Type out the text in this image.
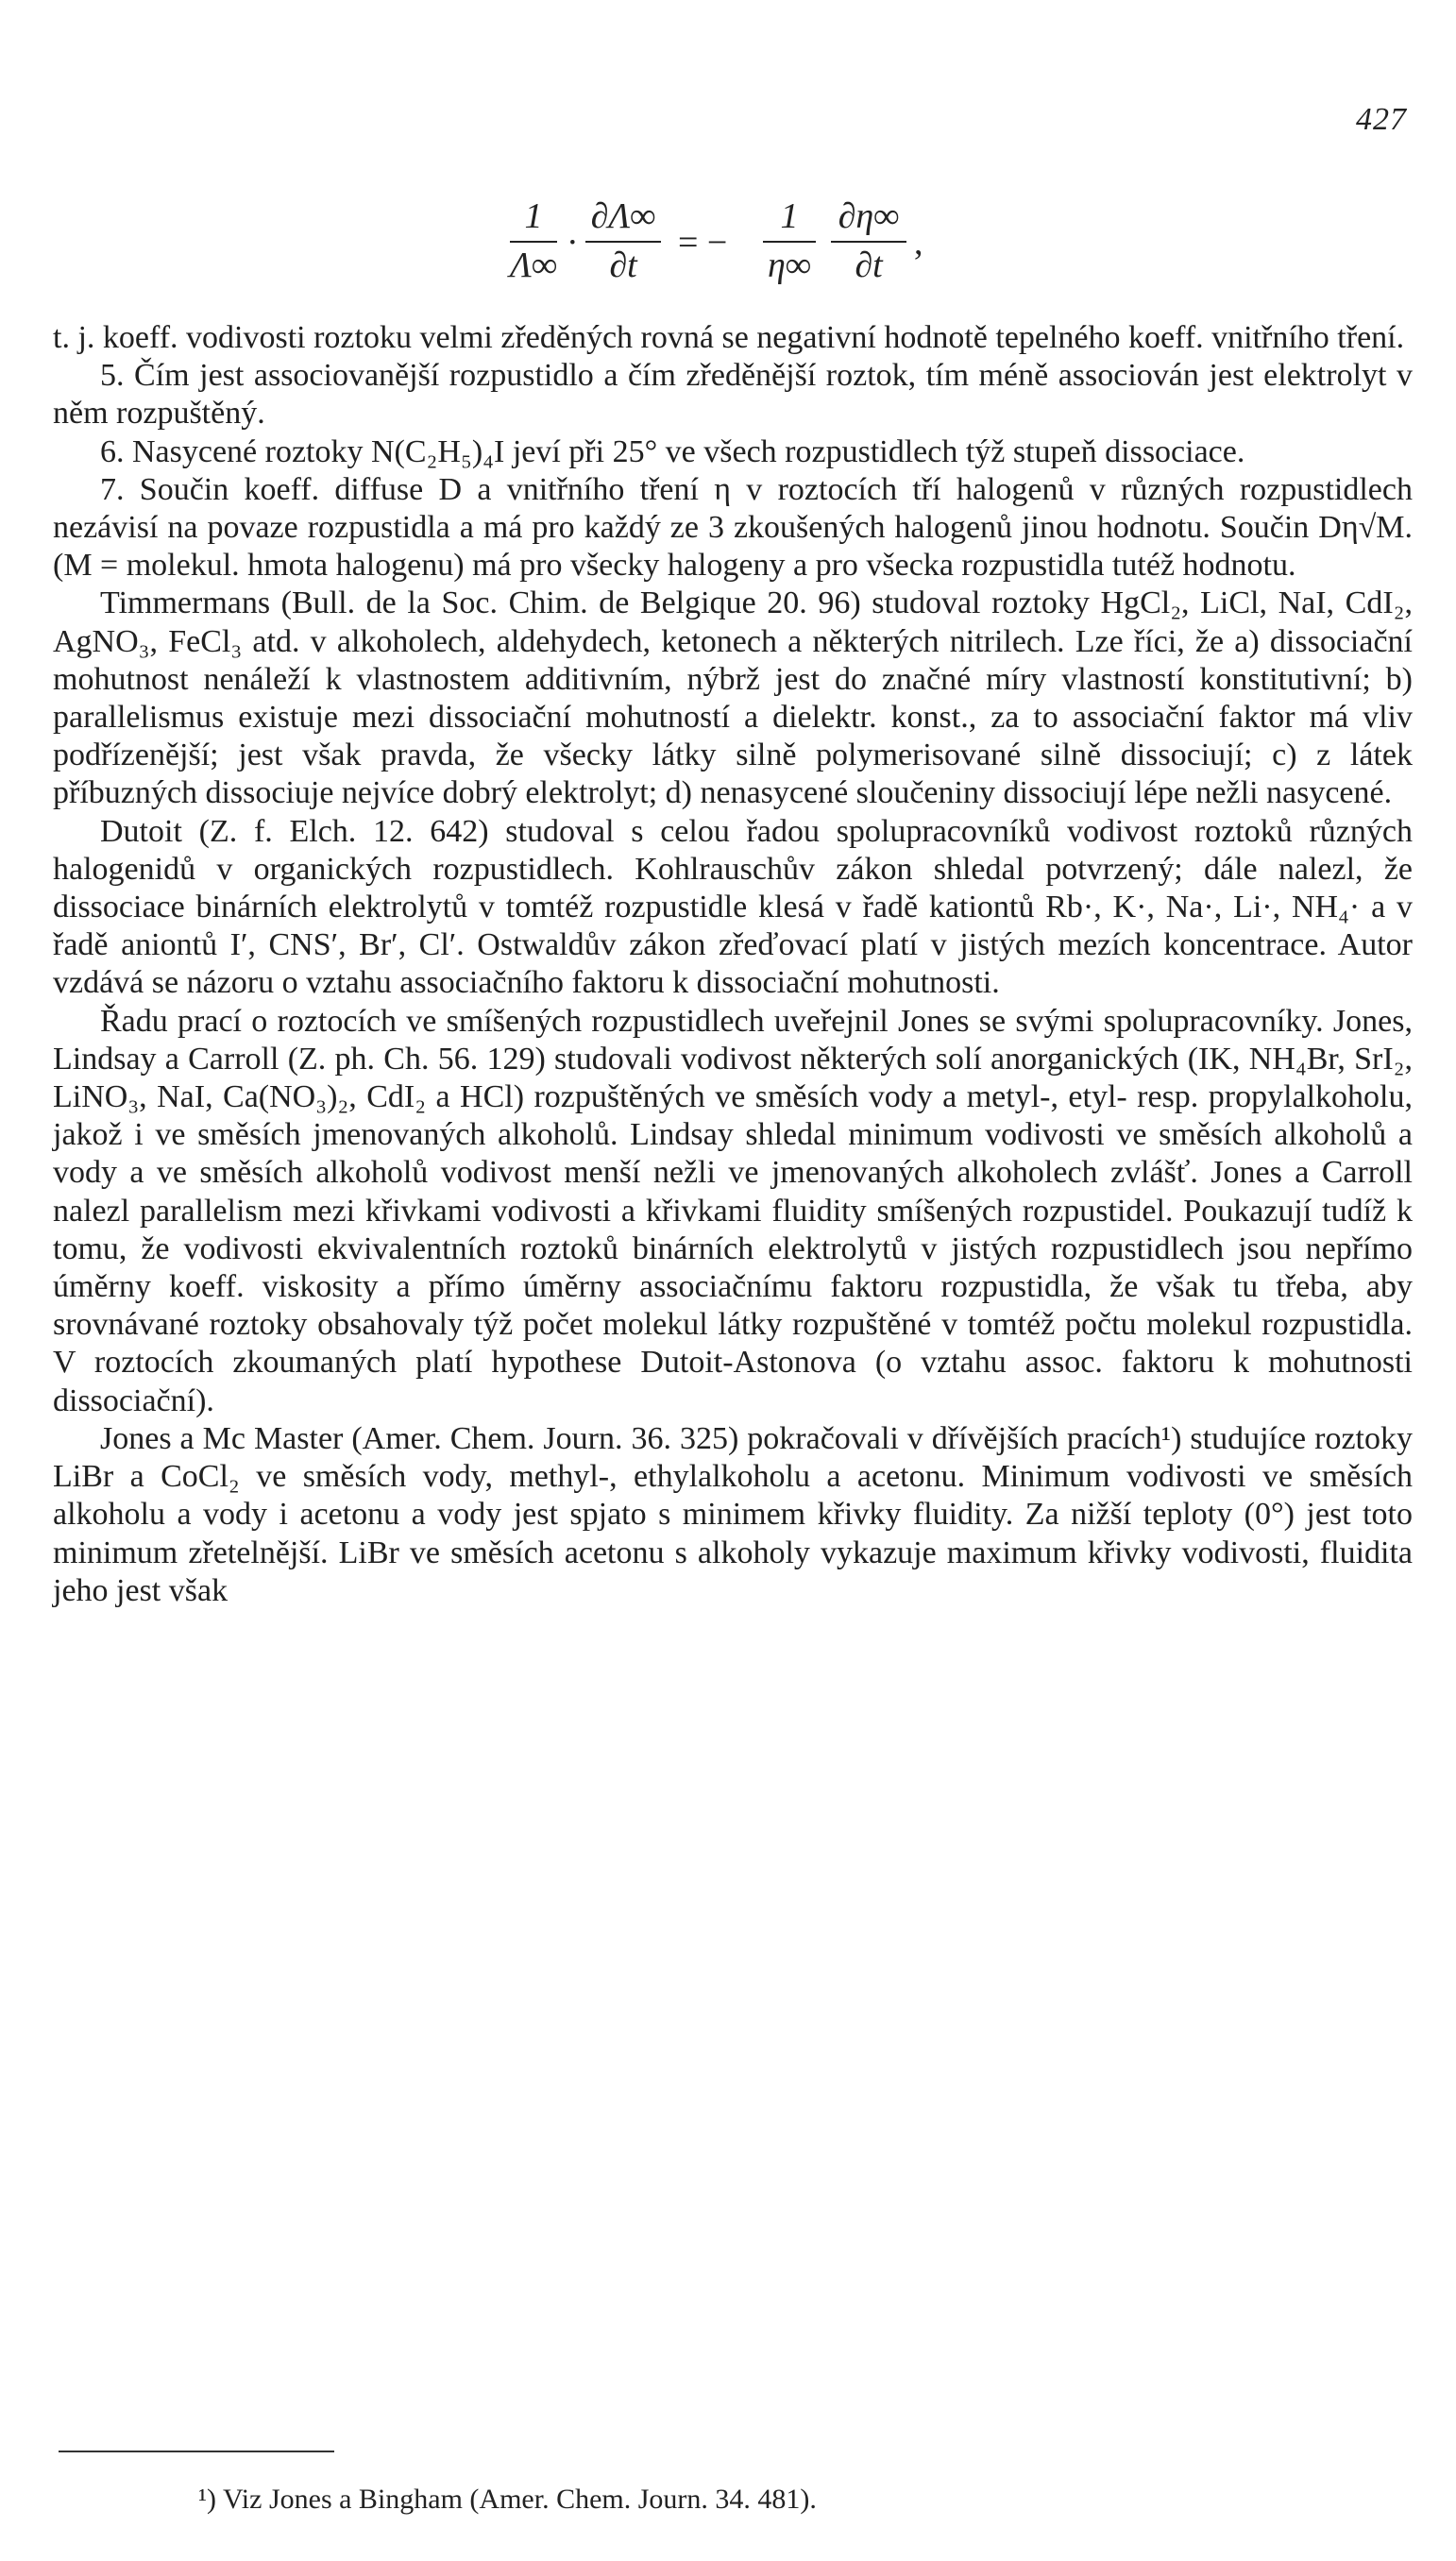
427
1
Λ∞
·
∂Λ∞
∂t
= −
1
η∞
∂η∞
∂t
,

t. j. koeff. vodivosti roztoku velmi zředěných rovná se negativní hodnotě tepelného koeff. vnitřního tření.

5. Čím jest associovanější rozpustidlo a čím zředěnější roztok, tím méně associován jest elektrolyt v něm rozpuštěný.

6. Nasycené roztoky N(C₂H₅)₄I jeví při 25° ve všech rozpustidlech týž stupeň dissociace.

7. Součin koeff. diffuse D a vnitřního tření η v roztocích tří halogenů v různých rozpustidlech nezávisí na povaze rozpustidla a má pro každý ze 3 zkoušených halogenů jinou hodnotu. Součin Dη√M. (M = molekul. hmota halogenu) má pro všecky halogeny a pro všecka rozpustidla tutéž hodnotu.

Timmermans (Bull. de la Soc. Chim. de Belgique 20. 96) studoval roztoky HgCl₂, LiCl, NaI, CdI₂, AgNO₃, FeCl₃ atd. v alkoholech, aldehydech, ketonech a některých nitrilech. Lze říci, že a) dissociační mohutnost nenáleží k vlastnostem additivním, nýbrž jest do značné míry vlastností konstitutivní; b) parallelismus existuje mezi dissociační mohutností a dielektr. konst., za to associační faktor má vliv podřízenější; jest však pravda, že všecky látky silně polymerisované silně dissociují; c) z látek příbuzných dissociuje nejvíce dobrý elektrolyt; d) nenasycené sloučeniny dissociují lépe nežli nasycené.

Dutoit (Z. f. Elch. 12. 642) studoval s celou řadou spolupracovníků vodivost roztoků různých halogenidů v organických rozpustidlech. Kohlrauschův zákon shledal potvrzený; dále nalezl, že dissociace binárních elektrolytů v tomtéž rozpustidle klesá v řadě kationtů Rb·, K·, Na·, Li·, NH₄· a v řadě aniontů I′, CNS′, Br′, Cl′. Ostwaldův zákon zřeďovací platí v jistých mezích koncentrace. Autor vzdává se názoru o vztahu associačního faktoru k dissociační mohutnosti.

Řadu prací o roztocích ve smíšených rozpustidlech uveřejnil Jones se svými spolupracovníky. Jones, Lindsay a Carroll (Z. ph. Ch. 56. 129) studovali vodivost některých solí anorganických (IK, NH₄Br, SrI₂, LiNO₃, NaI, Ca(NO₃)₂, CdI₂ a HCl) rozpuštěných ve směsích vody a metyl-, etyl- resp. propylalkoholu, jakož i ve směsích jmenovaných alkoholů. Lindsay shledal minimum vodivosti ve směsích alkoholů a vody a ve směsích alkoholů vodivost menší nežli ve jmenovaných alkoholech zvlášť. Jones a Carroll nalezl parallelism mezi křivkami vodivosti a křivkami fluidity smíšených rozpustidel. Poukazují tudíž k tomu, že vodivosti ekvivalentních roztoků binárních elektrolytů v jistých rozpustidlech jsou nepřímo úměrny koeff. viskosity a přímo úměrny associačnímu faktoru rozpustidla, že však tu třeba, aby srovnávané roztoky obsahovaly týž počet molekul látky rozpuštěné v tomtéž počtu molekul rozpustidla. V roztocích zkoumaných platí hypothese Dutoit-Astonova (o vztahu assoc. faktoru k mohutnosti dissociační).

Jones a Mc Master (Amer. Chem. Journ. 36. 325) pokračovali v dřívějších pracích¹) studujíce roztoky LiBr a CoCl₂ ve směsích vody, methyl-, ethylalkoholu a acetonu. Minimum vodivosti ve směsích alkoholu a vody i acetonu a vody jest spjato s minimem křivky fluidity. Za nižší teploty (0°) jest toto minimum zřetelnější. LiBr ve směsích acetonu s alkoholy vykazuje maximum křivky vodivosti, fluidita jeho jest však

¹) Viz Jones a Bingham (Amer. Chem. Journ. 34. 481).
